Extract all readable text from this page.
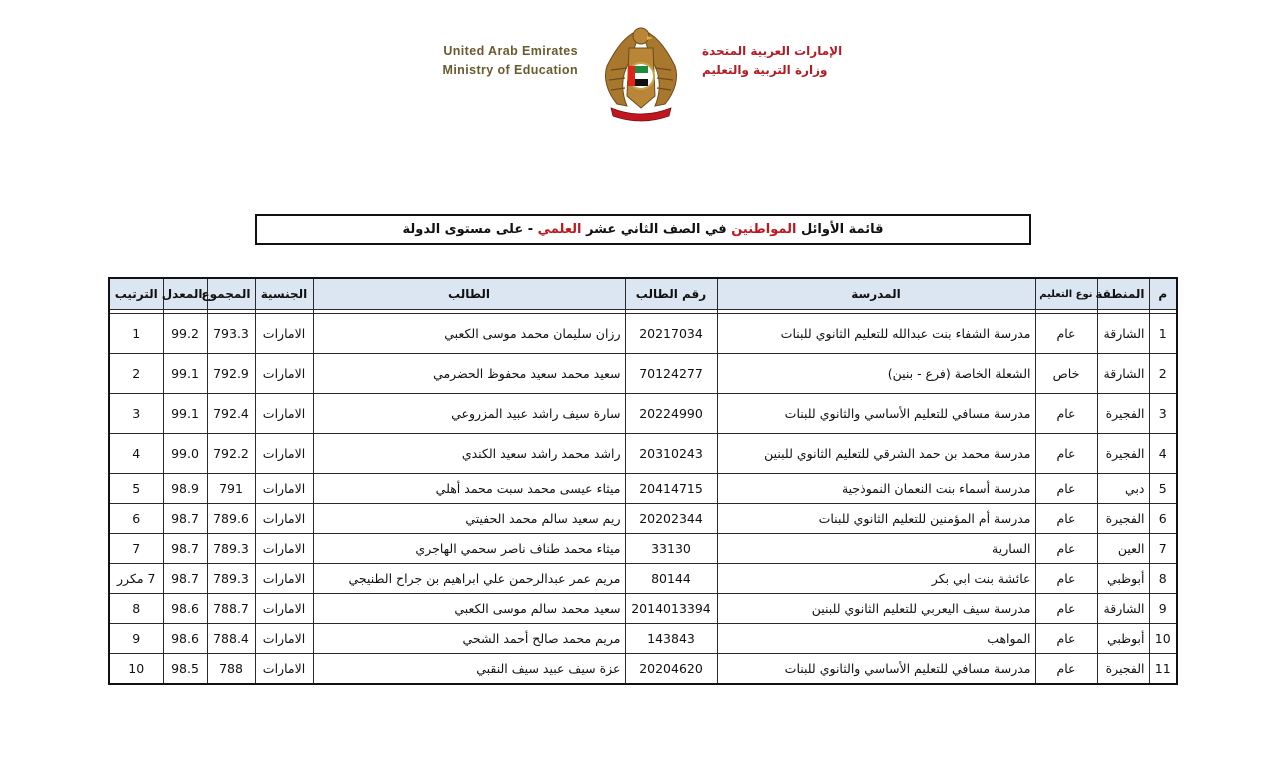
United Arab Emirates
Ministry of Education
الإمارات العربية المتحدة
وزارة التربية والتعليم
قائمة الأوائل المواطنين في الصف الثاني عشر العلمي - على مستوى الدولة
م	المنطقة	نوع التعليم	المدرسة	رقم الطالب	الطالب	الجنسية	المجموع	المعدل	الترتيب

1	الشارقة	عام	مدرسة الشفاء بنت عبدالله للتعليم الثانوي للبنات	20217034	رزان سليمان محمد موسى الكعبي	الامارات	793.3	99.2	1
2	الشارقة	خاص	الشعلة الخاصة (فرع - بنين)	70124277	سعيد محمد سعيد محفوظ الحضرمي	الامارات	792.9	99.1	2
3	الفجيرة	عام	مدرسة مسافي للتعليم الأساسي والثانوي للبنات	20224990	سارة سيف راشد عبيد المزروعي	الامارات	792.4	99.1	3
4	الفجيرة	عام	مدرسة محمد بن حمد الشرقي للتعليم الثانوي للبنين	20310243	راشد محمد راشد سعيد الكندي	الامارات	792.2	99.0	4
5	دبي	عام	مدرسة أسماء بنت النعمان النموذجية	20414715	ميثاء عيسى محمد سبت محمد أهلي	الامارات	791	98.9	5
6	الفجيرة	عام	مدرسة أم المؤمنين للتعليم الثانوي للبنات	20202344	ريم سعيد سالم محمد الحفيتي	الامارات	789.6	98.7	6
7	العين	عام	السارية	33130	ميثاء محمد طناف ناصر سحمي الهاجري	الامارات	789.3	98.7	7
8	أبوظبي	عام	عائشة بنت ابي بكر	80144	مريم عمر عبدالرحمن علي ابراهيم بن جراح الطنيجي	الامارات	789.3	98.7	7 مكرر
9	الشارقة	عام	مدرسة سيف اليعربي للتعليم الثانوي للبنين	2014013394	سعيد محمد سالم موسى الكعبي	الامارات	788.7	98.6	8
10	أبوظبي	عام	المواهب	143843	مريم محمد صالح أحمد الشحي	الامارات	788.4	98.6	9
11	الفجيرة	عام	مدرسة مسافي للتعليم الأساسي والثانوي للبنات	20204620	عزة سيف عبيد سيف النقبي	الامارات	788	98.5	10
